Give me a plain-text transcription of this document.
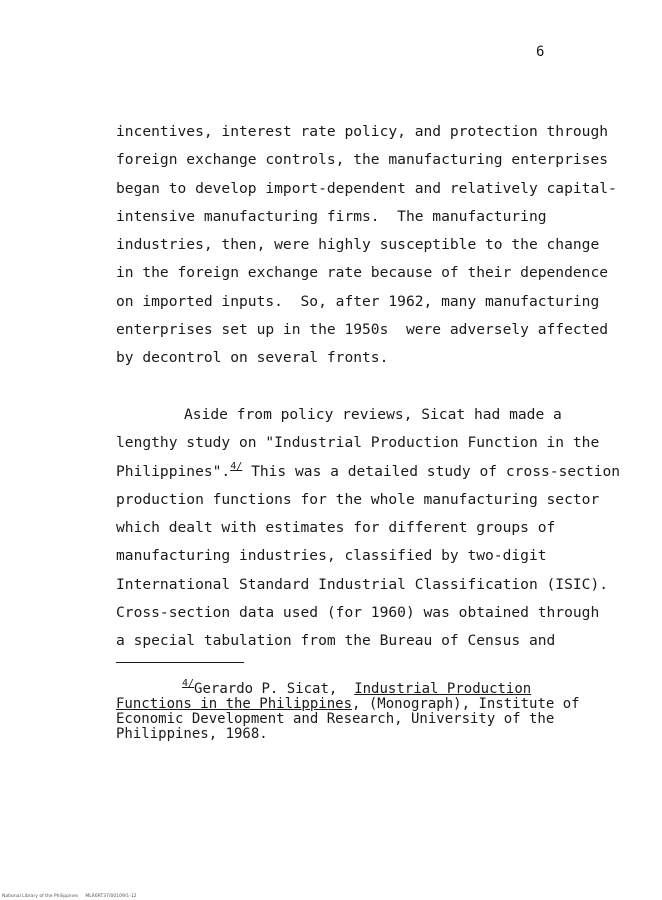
6
incentives, interest rate policy, and protection through
foreign exchange controls, the manufacturing enterprises
began to develop import-dependent and relatively capital-
intensive manufacturing firms.  The manufacturing
industries, then, were highly susceptible to the change
in the foreign exchange rate because of their dependence
on imported inputs.  So, after 1962, many manufacturing
enterprises set up in the 1950s  were adversely affected
by decontrol on several fronts.
Aside from policy reviews, Sicat had made a
lengthy study on "Industrial Production Function in the
Philippines".$^{4/}$ This was a detailed study of cross-section
production functions for the whole manufacturing sector
which dealt with estimates for different groups of
manufacturing industries, classified by two-digit
International Standard Industrial Classification (ISIC).
Cross-section data used (for 1960) was obtained through
a special tabulation from the Bureau of Census and
$^{4/}$Gerardo P. Sicat,  Industrial Production
Functions in the Philippines, (Monograph), Institute of
Economic Development and Research, University of the
Philippines, 1968.
National Library of the Philippines     MLR6RT37/00109/1-12
